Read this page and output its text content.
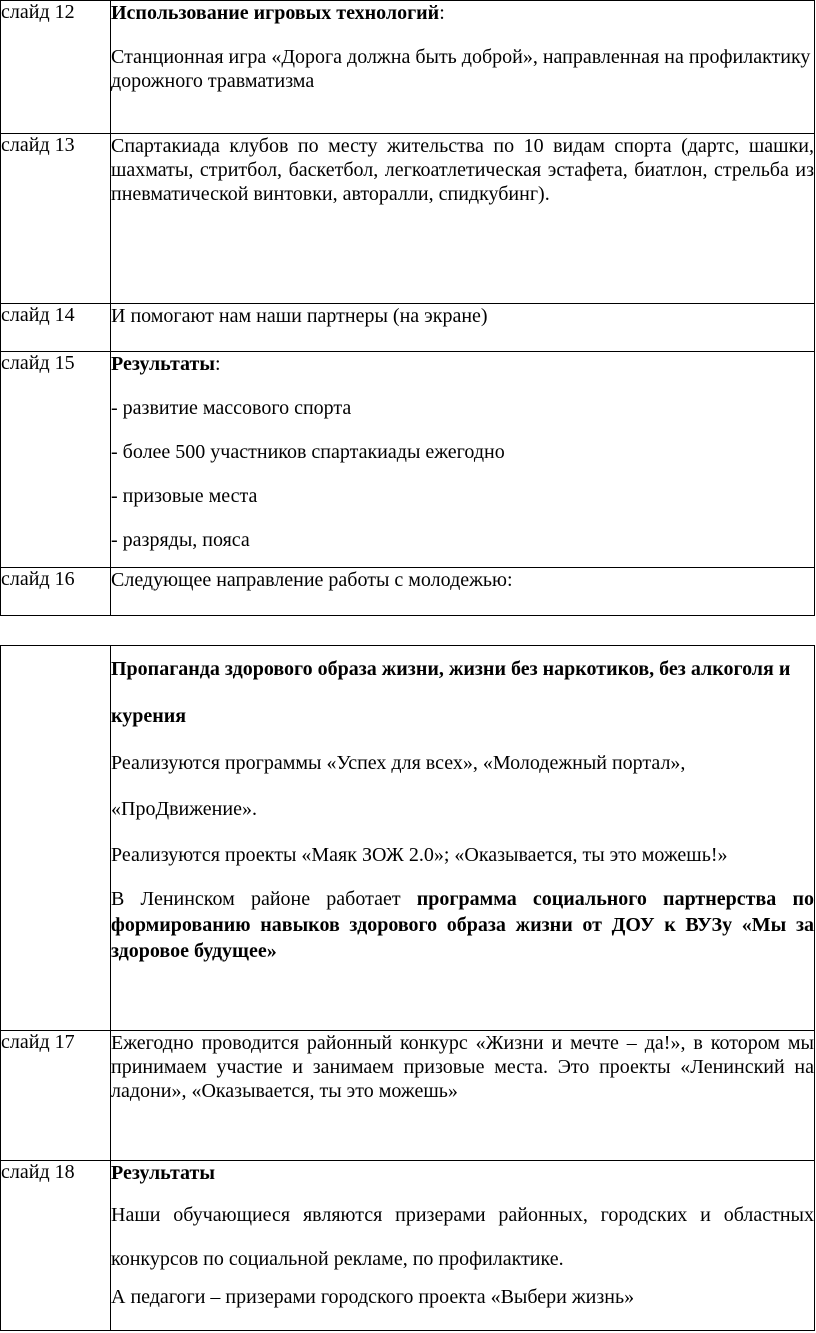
слайд 12	Использование игровых технологий:

Станционная игра «Дорога должна быть доброй», направленная на профилактику дорожного травматизма

слайд 13	Спартакиада клубов по месту жительства по 10 видам спорта (дартс, шашки, шахматы, стритбол, баскетбол, легкоатлетическая эстафета, биатлон, стрельба из пневматической винтовки, авторалли, спидкубинг).

слайд 14	И помогают нам наши партнеры (на экране)

слайд 15	Результаты:

- развитие массового спорта

- более 500 участников спартакиады ежегодно

- призовые места

- разряды, пояса

слайд 16	Следующее направление работы с молодежью:

	Пропаганда здорового образа жизни, жизни без наркотиков, без алкоголя и курения

Реализуются программы «Успех для всех», «Молодежный портал», «ПроДвижение».

Реализуются проекты «Маяк ЗОЖ 2.0»; «Оказывается, ты это можешь!»

В Ленинском районе работает программа социального партнерства по формированию навыков здорового образа жизни от ДОУ к ВУЗу «Мы за здоровое будущее»

слайд 17	Ежегодно проводится районный конкурс «Жизни и мечте – да!», в котором мы принимаем участие и занимаем призовые места. Это проекты «Ленинский на ладони», «Оказывается, ты это можешь»

слайд 18	Результаты

Наши обучающиеся являются призерами районных, городских и областных конкурсов по социальной рекламе, по профилактике.

А педагоги – призерами городского проекта «Выбери жизнь»
